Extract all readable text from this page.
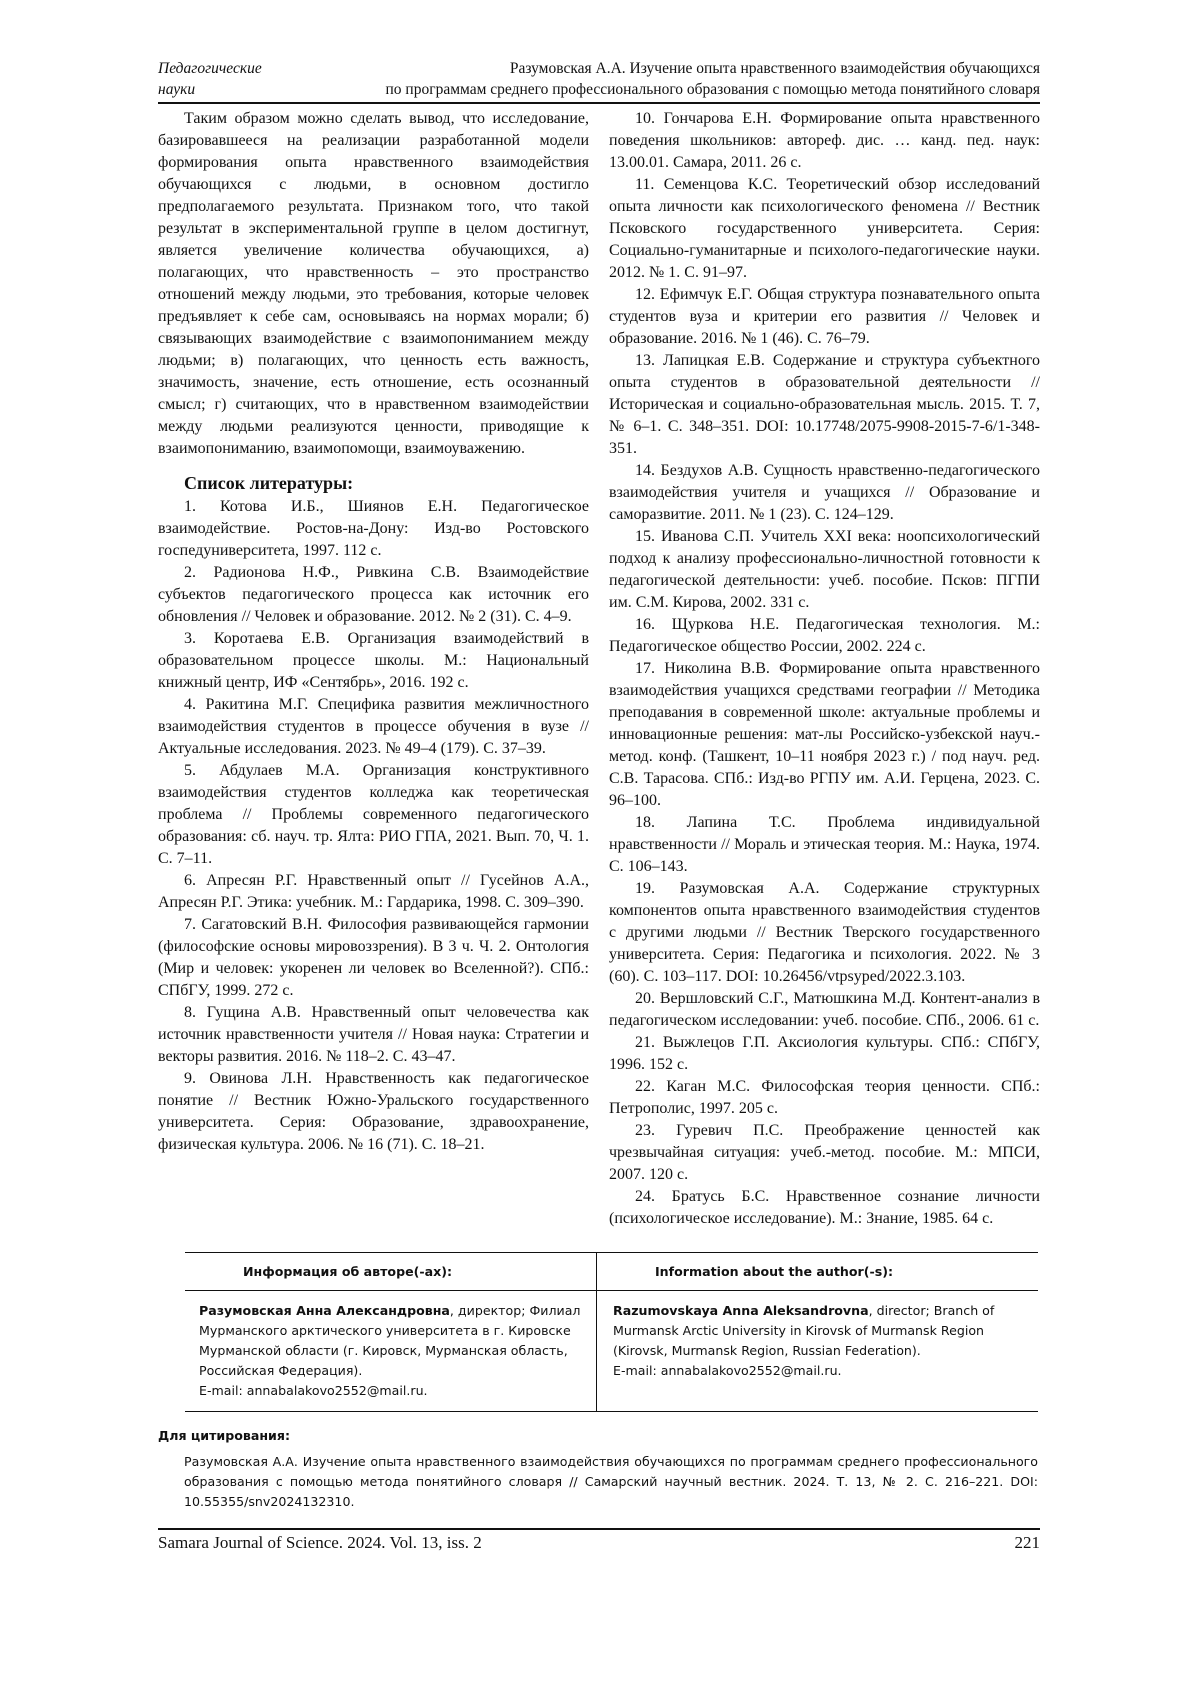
Педагогические науки
Разумовская А.А. Изучение опыта нравственного взаимодействия обучающихся
по программам среднего профессионального образования с помощью метода понятийного словаря

Таким образом можно сделать вывод, что исследование, базировавшееся на реализации разработанной модели формирования опыта нравственного взаимодействия обучающихся с людьми, в основном достигло предполагаемого результата. Признаком того, что такой результат в экспериментальной группе в целом достигнут, является увеличение количества обучающихся, а) полагающих, что нравственность – это пространство отношений между людьми, это требования, которые человек предъявляет к себе сам, основываясь на нормах морали; б) связывающих взаимодействие с взаимопониманием между людьми; в) полагающих, что ценность есть важность, значимость, значение, есть отношение, есть осознанный смысл; г) считающих, что в нравственном взаимодействии между людьми реализуются ценности, приводящие к взаимопониманию, взаимопомощи, взаимоуважению.

Список литературы:

1. Котова И.Б., Шиянов Е.Н. Педагогическое взаимодействие. Ростов-на-Дону: Изд-во Ростовского госпедуниверситета, 1997. 112 с.

2. Радионова Н.Ф., Ривкина С.В. Взаимодействие субъектов педагогического процесса как источник его обновления // Человек и образование. 2012. № 2 (31). С. 4–9.

3. Коротаева Е.В. Организация взаимодействий в образовательном процессе школы. М.: Национальный книжный центр, ИФ «Сентябрь», 2016. 192 с.

4. Ракитина М.Г. Специфика развития межличностного взаимодействия студентов в процессе обучения в вузе // Актуальные исследования. 2023. № 49–4 (179). С. 37–39.

5. Абдулаев М.А. Организация конструктивного взаимодействия студентов колледжа как теоретическая проблема // Проблемы современного педагогического образования: сб. науч. тр. Ялта: РИО ГПА, 2021. Вып. 70, Ч. 1. С. 7–11.

6. Апресян Р.Г. Нравственный опыт // Гусейнов А.А., Апресян Р.Г. Этика: учебник. М.: Гардарика, 1998. С. 309–390.

7. Сагатовский В.Н. Философия развивающейся гармонии (философские основы мировоззрения). В 3 ч. Ч. 2. Онтология (Мир и человек: укоренен ли человек во Вселенной?). СПб.: СПбГУ, 1999. 272 с.

8. Гущина А.В. Нравственный опыт человечества как источник нравственности учителя // Новая наука: Стратегии и векторы развития. 2016. № 118–2. С. 43–47.

9. Овинова Л.Н. Нравственность как педагогическое понятие // Вестник Южно-Уральского государственного университета. Серия: Образование, здравоохранение, физическая культура. 2006. № 16 (71). С. 18–21.

10. Гончарова Е.Н. Формирование опыта нравственного поведения школьников: автореф. дис. … канд. пед. наук: 13.00.01. Самара, 2011. 26 с.

11. Семенцова К.С. Теоретический обзор исследований опыта личности как психологического феномена // Вестник Псковского государственного университета. Серия: Социально-гуманитарные и психолого-педагогические науки. 2012. № 1. С. 91–97.

12. Ефимчук Е.Г. Общая структура познавательного опыта студентов вуза и критерии его развития // Человек и образование. 2016. № 1 (46). С. 76–79.

13. Лапицкая Е.В. Содержание и структура субъектного опыта студентов в образовательной деятельности // Историческая и социально-образовательная мысль. 2015. Т. 7, № 6–1. С. 348–351. DOI: 10.17748/2075-9908-2015-7-6/1-348-351.

14. Бездухов А.В. Сущность нравственно-педагогического взаимодействия учителя и учащихся // Образование и саморазвитие. 2011. № 1 (23). С. 124–129.

15. Иванова С.П. Учитель XXI века: ноопсихологический подход к анализу профессионально-личностной готовности к педагогической деятельности: учеб. пособие. Псков: ПГПИ им. С.М. Кирова, 2002. 331 с.

16. Щуркова Н.Е. Педагогическая технология. М.: Педагогическое общество России, 2002. 224 с.

17. Николина В.В. Формирование опыта нравственного взаимодействия учащихся средствами географии // Методика преподавания в современной школе: актуальные проблемы и инновационные решения: мат-лы Российско-узбекской науч.-метод. конф. (Ташкент, 10–11 ноября 2023 г.) / под науч. ред. С.В. Тарасова. СПб.: Изд-во РГПУ им. А.И. Герцена, 2023. С. 96–100.

18. Лапина Т.С. Проблема индивидуальной нравственности // Мораль и этическая теория. М.: Наука, 1974. С. 106–143.

19. Разумовская А.А. Содержание структурных компонентов опыта нравственного взаимодействия студентов с другими людьми // Вестник Тверского государственного университета. Серия: Педагогика и психология. 2022. № 3 (60). С. 103–117. DOI: 10.26456/vtpsyped/2022.3.103.

20. Вершловский С.Г., Матюшкина М.Д. Контент-анализ в педагогическом исследовании: учеб. пособие. СПб., 2006. 61 с.

21. Выжлецов Г.П. Аксиология культуры. СПб.: СПбГУ, 1996. 152 с.

22. Каган М.С. Философская теория ценности. СПб.: Петрополис, 1997. 205 с.

23. Гуревич П.С. Преображение ценностей как чрезвычайная ситуация: учеб.-метод. пособие. М.: МПСИ, 2007. 120 с.

24. Братусь Б.С. Нравственное сознание личности (психологическое исследование). М.: Знание, 1985. 64 с.

Информация об авторе(-ах):	Information about the author(-s):
Разумовская Анна Александровна, директор; Филиал Мурманского арктического университета в г. Кировске Мурманской области (г. Кировск, Мурманская область, Российская Федерация).
E-mail: annabalakovo2552@mail.ru.
Razumovskaya Anna Aleksandrovna, director; Branch of Murmansk Arctic University in Kirovsk of Murmansk Region (Kirovsk, Murmansk Region, Russian Federation).
E-mail: annabalakovo2552@mail.ru.
Для цитирования:
Разумовская А.А. Изучение опыта нравственного взаимодействия обучающихся по программам среднего профессионального образования с помощью метода понятийного словаря // Самарский научный вестник. 2024. Т. 13, № 2. С. 216–221. DOI: 10.55355/snv2024132310.
Samara Journal of Science. 2024. Vol. 13, iss. 2	221
